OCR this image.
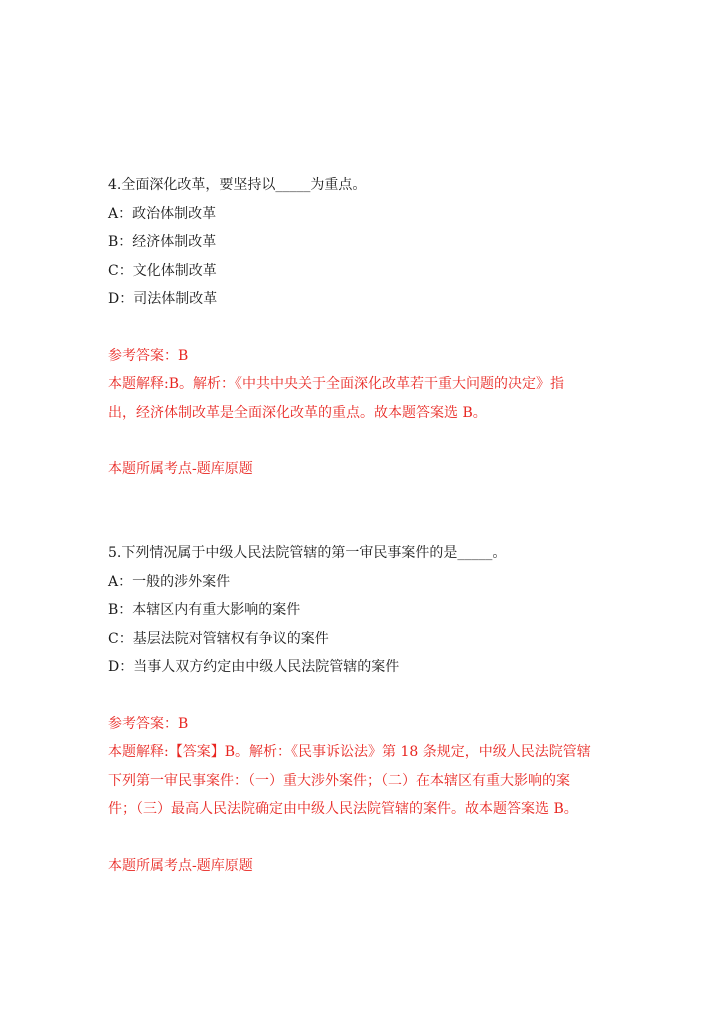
4.全面深化改革，要坚持以_____为重点。
A：政治体制改革
B：经济体制改革
C：文化体制改革
D：司法体制改革
参考答案：B
本题解释:B。解析：《中共中央关于全面深化改革若干重大问题的决定》指
出，经济体制改革是全面深化改革的重点。故本题答案选 B。
本题所属考点-题库原题
5.下列情况属于中级人民法院管辖的第一审民事案件的是_____。
A：一般的涉外案件
B：本辖区内有重大影响的案件
C：基层法院对管辖权有争议的案件
D：当事人双方约定由中级人民法院管辖的案件
参考答案：B
本题解释:【答案】B。解析：《民事诉讼法》第 18 条规定，中级人民法院管辖
下列第一审民事案件：（一）重大涉外案件；（二）在本辖区有重大影响的案
件；（三）最高人民法院确定由中级人民法院管辖的案件。故本题答案选 B。
本题所属考点-题库原题
